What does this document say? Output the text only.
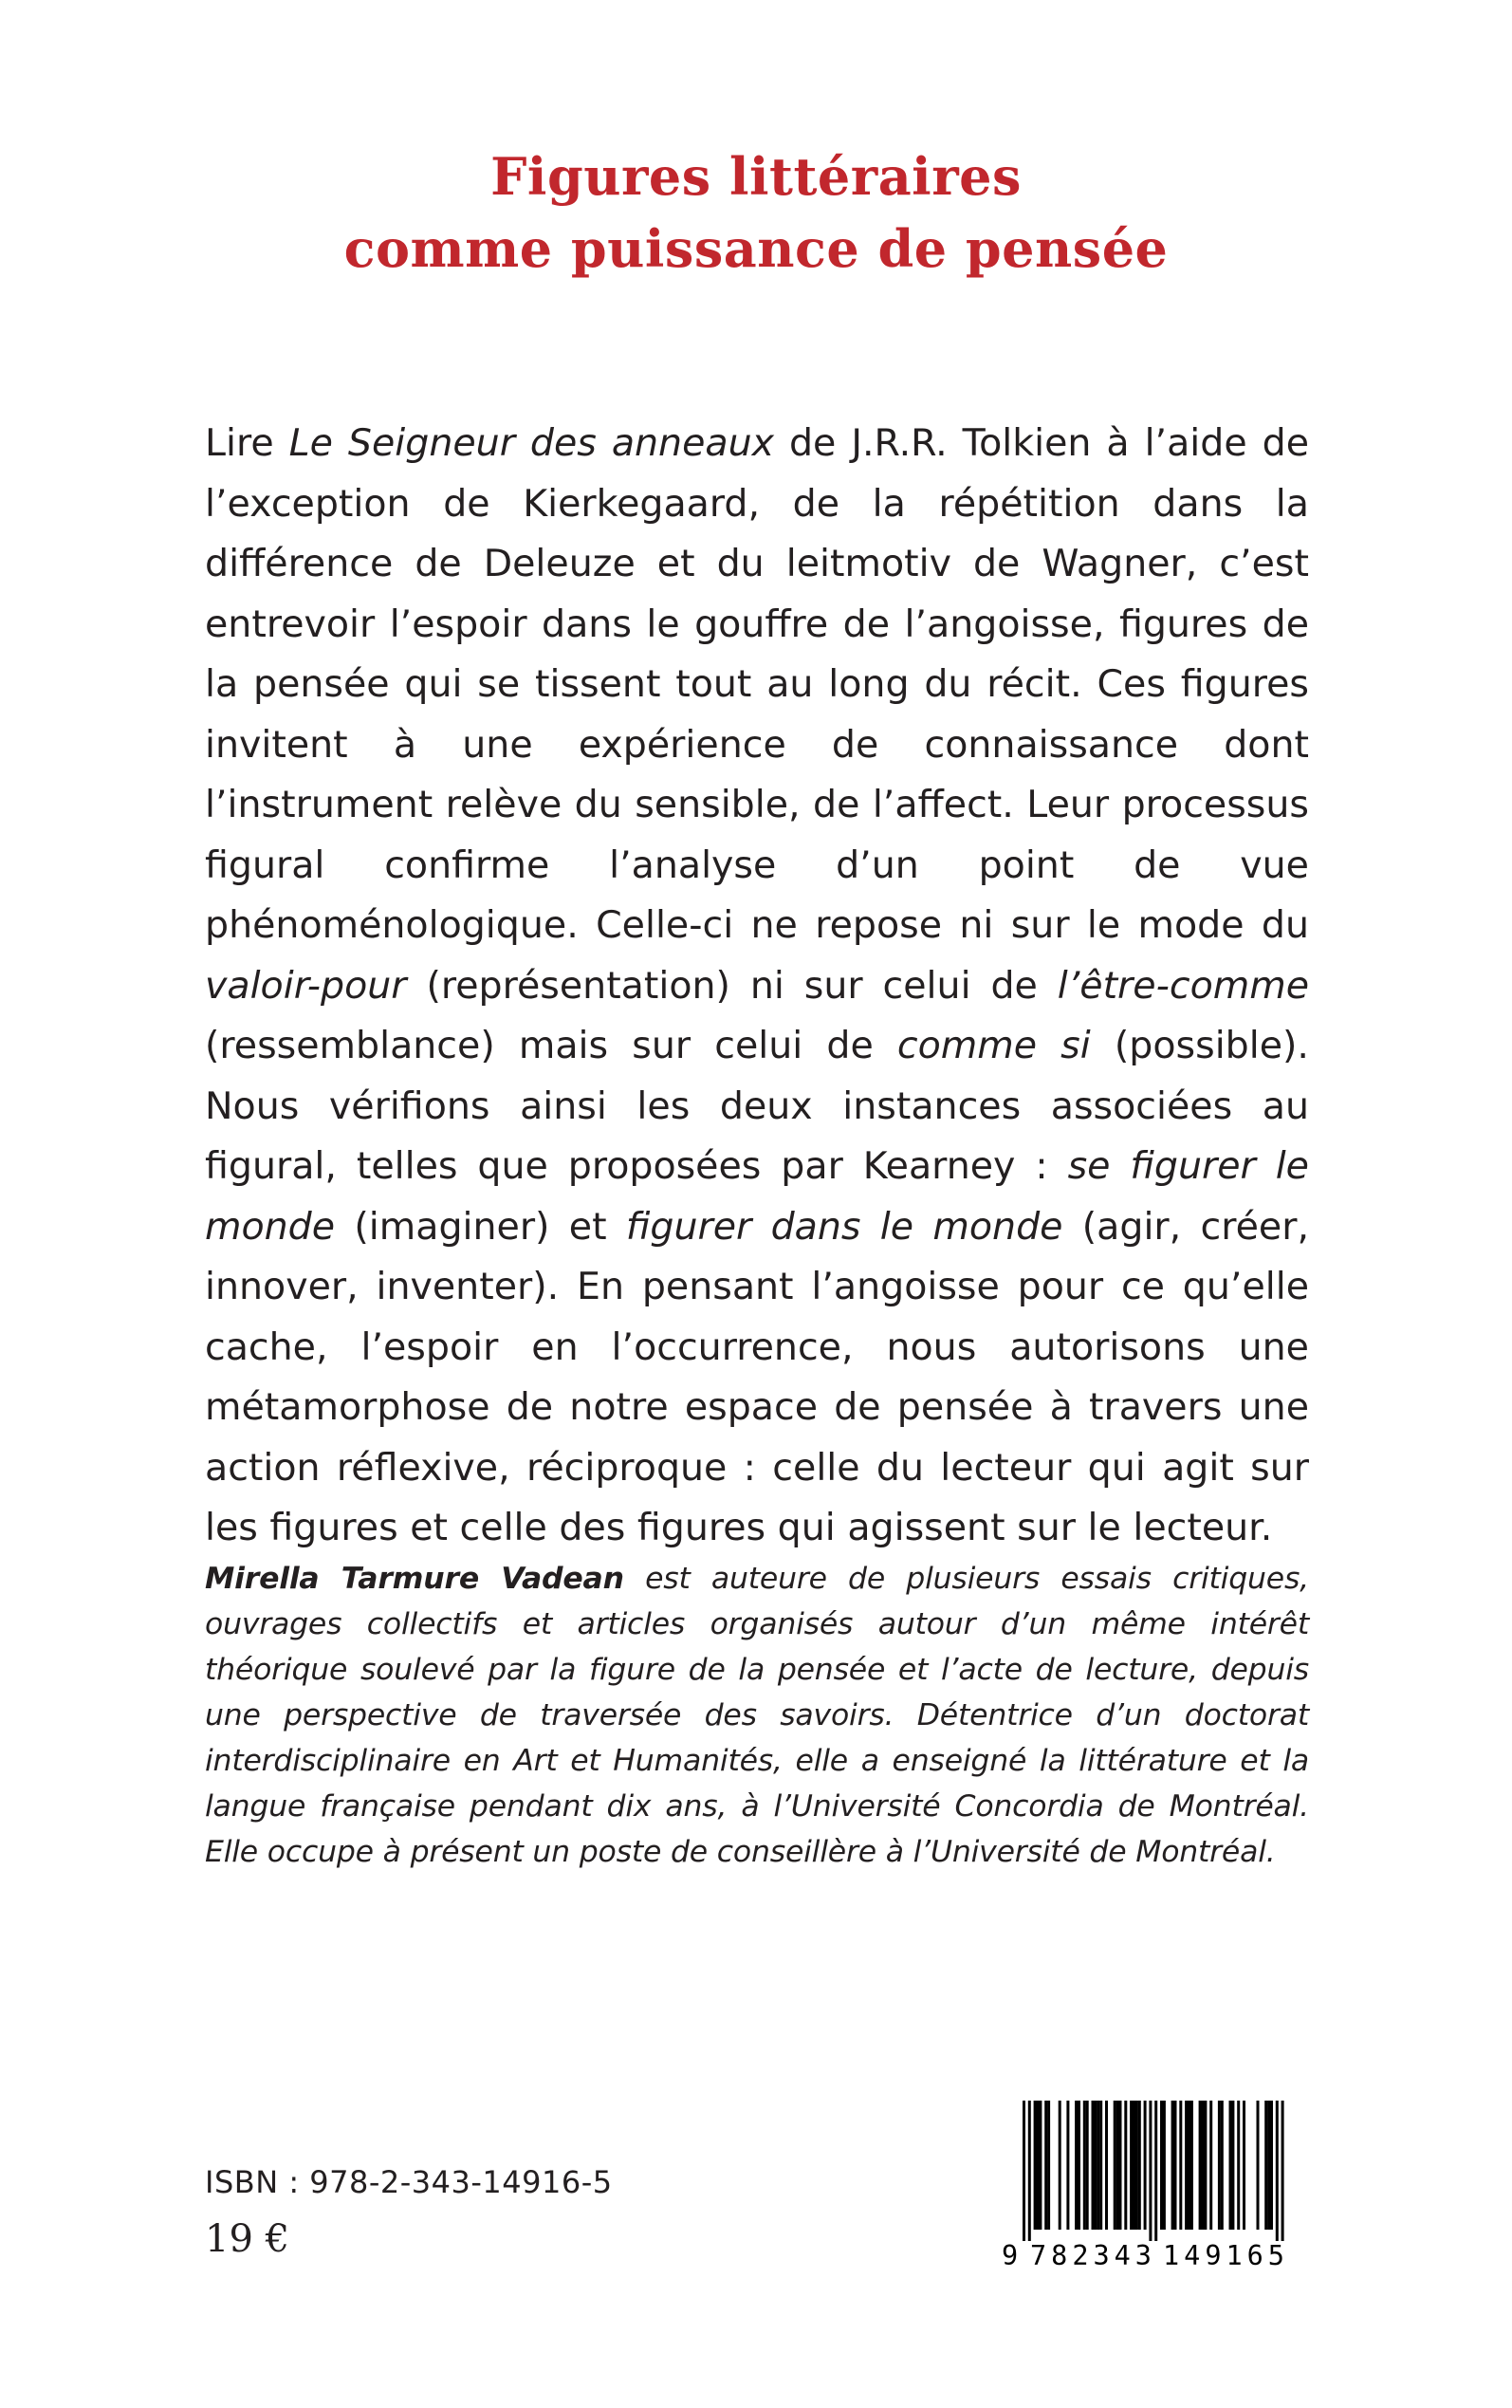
Figures littéraires
comme puissance de pensée

Lire Le Seigneur des anneaux de J.R.R. Tolkien à l’aide de l’exception de Kierkegaard, de la répétition dans la différence de Deleuze et du leitmotiv de Wagner, c’est entrevoir l’espoir dans le gouffre de l’angoisse, figures de la pensée qui se tissent tout au long du récit. Ces figures invitent à une expérience de connaissance dont l’instrument relève du sensible, de l’affect. Leur processus figural confirme l’analyse d’un point de vue phénoménologique. Celle-ci ne repose ni sur le mode du valoir-pour (représentation) ni sur celui de l’être-comme (ressemblance) mais sur celui de comme si (possible). Nous vérifions ainsi les deux instances associées au figural, telles que proposées par Kearney : se figurer le monde (imaginer) et figurer dans le monde (agir, créer, innover, inventer). En pensant l’angoisse pour ce qu’elle cache, l’espoir en l’occurrence, nous autorisons une métamorphose de notre espace de pensée à travers une action réflexive, réciproque : celle du lecteur qui agit sur les figures et celle des figures qui agissent sur le lecteur.

Mirella Tarmure Vadean est auteure de plusieurs essais critiques, ouvrages collectifs et articles organisés autour d’un même intérêt théorique soulevé par la figure de la pensée et l’acte de lecture, depuis une perspective de traversée des savoirs. Détentrice d’un doctorat interdisciplinaire en Art et Humanités, elle a enseigné la littérature et la langue française pendant dix ans, à l’Université Concordia de Montréal. Elle occupe à présent un poste de conseillère à l’Université de Montréal.

ISBN : 978-2-343-14916-5
19 €	9 782343 149165
